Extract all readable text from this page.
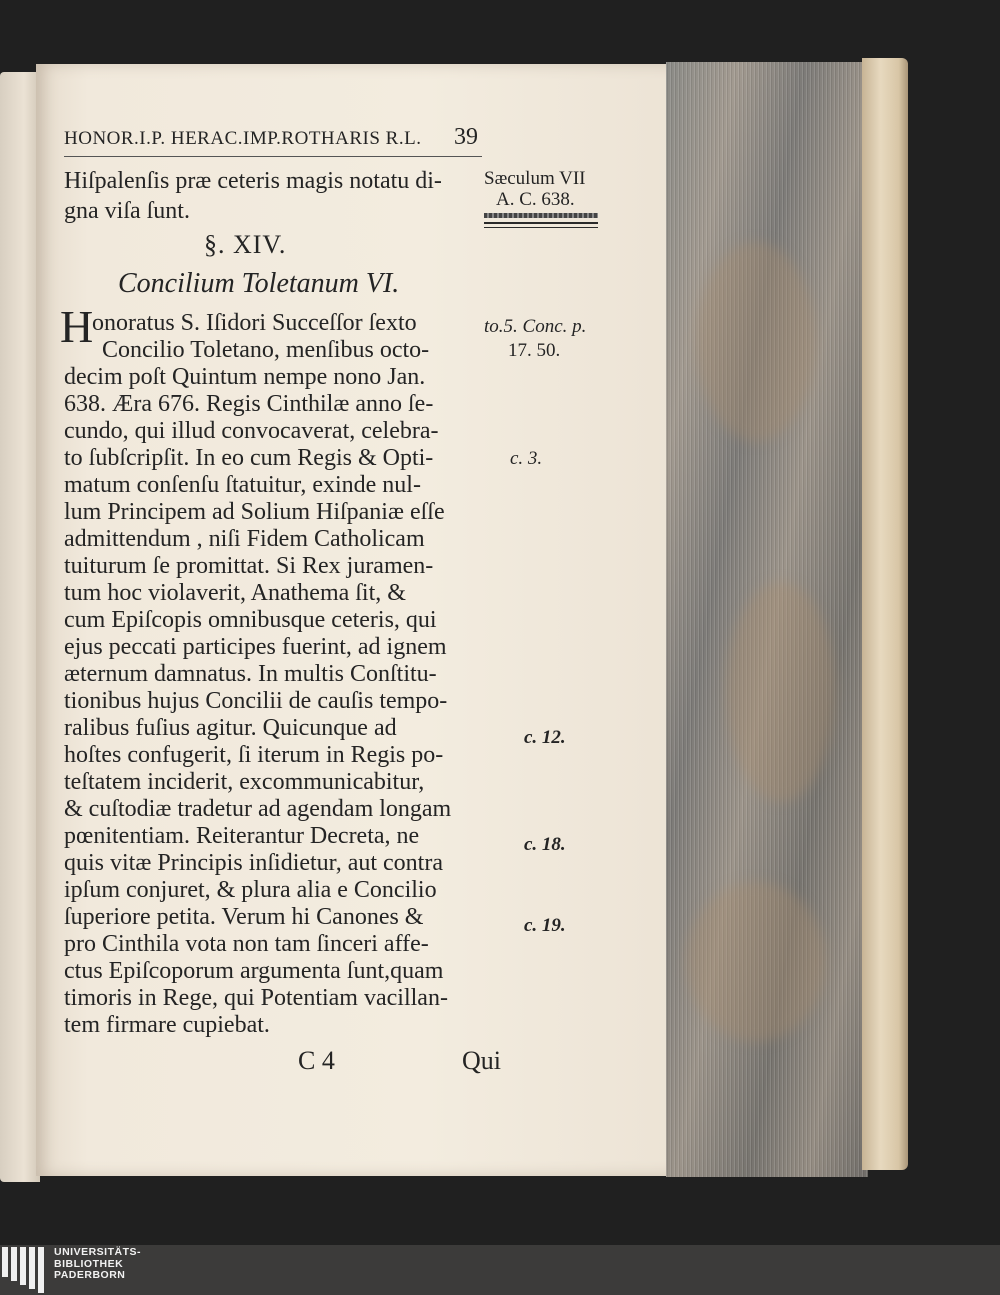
HONOR.I.P. HERAC.IMP.ROTHARIS R.L. 39
Hiſpalenſis præ ceteris magis notatu di-
gna viſa ſunt.
Sæculum VII
A. C. 638.
§. XIV.
Concilium Toletanum VI.
H
onoratus S. Iſidori Succeſſor ſexto
Concilio Toletano, menſibus octo-
decim poſt Quintum nempe nono Jan.
638. Æra 676. Regis Cinthilæ anno ſe-
cundo, qui illud convocaverat, celebra-
to ſubſcripſit. In eo cum Regis & Opti-
matum conſenſu ſtatuitur, exinde nul-
lum Principem ad Solium Hiſpaniæ eſſe
admittendum , niſi Fidem Catholicam
tuiturum ſe promittat. Si Rex juramen-
tum hoc violaverit, Anathema ſit, &
cum Epiſcopis omnibusque ceteris, qui
ejus peccati participes fuerint, ad ignem
æternum damnatus. In multis Conſtitu-
tionibus hujus Concilii de cauſis tempo-
ralibus fuſius agitur. Quicunque ad
hoſtes confugerit, ſi iterum in Regis po-
teſtatem inciderit, excommunicabitur,
& cuſtodiæ tradetur ad agendam longam
pœnitentiam. Reiterantur Decreta, ne
quis vitæ Principis inſidietur, aut contra
ipſum conjuret, & plura alia e Concilio
ſuperiore petita. Verum hi Canones &
pro Cinthila vota non tam ſinceri affe-
ctus Epiſcoporum argumenta ſunt,quam
timoris in Rege, qui Potentiam vacillan-
tem firmare cupiebat.
C 4	Qui
to.5. Conc. p.
17. 50.
c. 3.
c. 12.
c. 18.
c. 19.
UNIVERSITÄTS-
BIBLIOTHEK
PADERBORN
